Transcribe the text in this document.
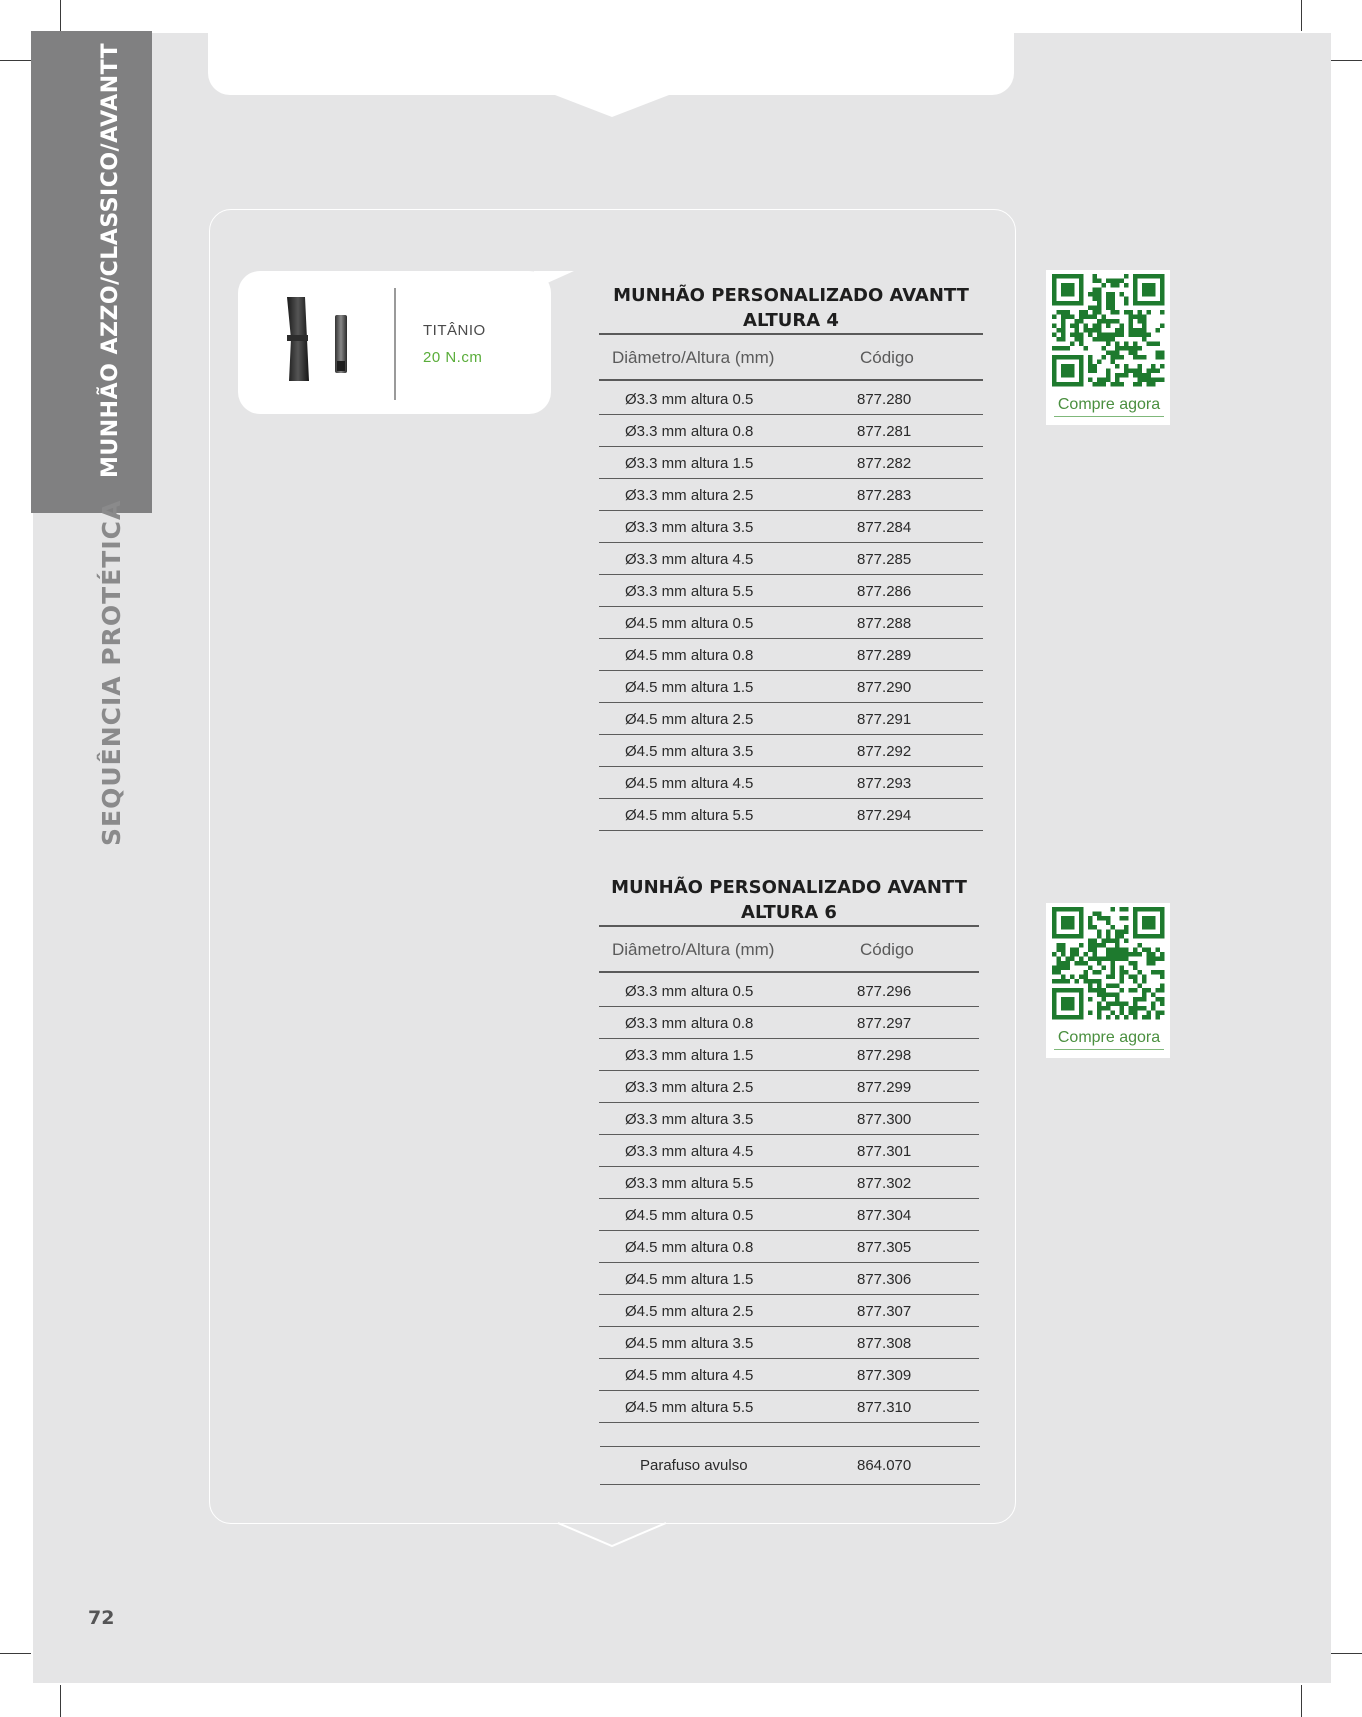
MUNHÃO AZZO/CLASSICO/AVANTT
SEQUÊNCIA PROTÉTICA
TITÂNIO
20 N.cm
MUNHÃO PERSONALIZADO AVANTT
ALTURA 4
Diâmetro/Altura (mm)	Código
Ø3.3 mm altura 0.5	877.280
Ø3.3 mm altura 0.8	877.281
Ø3.3 mm altura 1.5	877.282
Ø3.3 mm altura 2.5	877.283
Ø3.3 mm altura 3.5	877.284
Ø3.3 mm altura 4.5	877.285
Ø3.3 mm altura 5.5	877.286
Ø4.5 mm altura 0.5	877.288
Ø4.5 mm altura 0.8	877.289
Ø4.5 mm altura 1.5	877.290
Ø4.5 mm altura 2.5	877.291
Ø4.5 mm altura 3.5	877.292
Ø4.5 mm altura 4.5	877.293
Ø4.5 mm altura 5.5	877.294
MUNHÃO PERSONALIZADO AVANTT
ALTURA 6
Diâmetro/Altura (mm)	Código
Ø3.3 mm altura 0.5	877.296
Ø3.3 mm altura 0.8	877.297
Ø3.3 mm altura 1.5	877.298
Ø3.3 mm altura 2.5	877.299
Ø3.3 mm altura 3.5	877.300
Ø3.3 mm altura 4.5	877.301
Ø3.3 mm altura 5.5	877.302
Ø4.5 mm altura 0.5	877.304
Ø4.5 mm altura 0.8	877.305
Ø4.5 mm altura 1.5	877.306
Ø4.5 mm altura 2.5	877.307
Ø4.5 mm altura 3.5	877.308
Ø4.5 mm altura 4.5	877.309
Ø4.5 mm altura 5.5	877.310
Parafuso avulso	864.070
Compre agora
Compre agora
72
